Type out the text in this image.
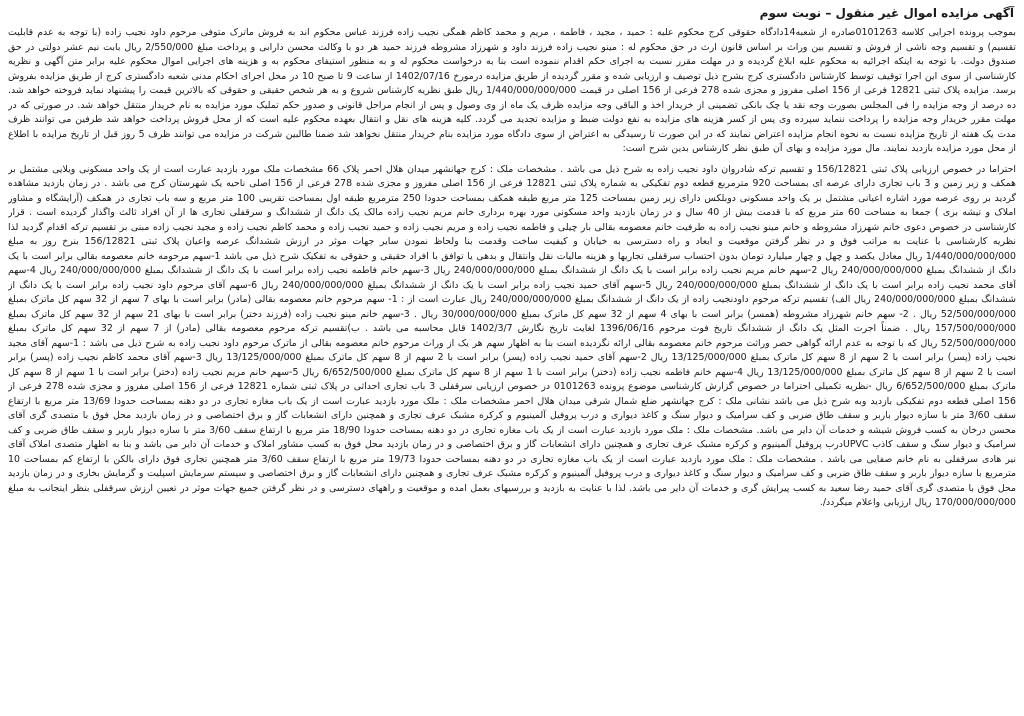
آگهی مزایده اموال غیر منقول – نوبت سوم

بموجب پرونده اجرایی کلاسه 0101263صادره از شعبه14دادگاه حقوقی کرج محکوم علیه : حمید ، مجید ، فاطمه ، مریم و محمد کاظم همگی نجیب زاده فرزند عباس محکوم اند به فروش ماترک متوفی مرحوم داود نجیب زاده (با توجه به عدم قابلیت تقسیم) و تقسیم وجه ناشی از فروش و تقسیم بین وراث بر اساس قانون ارث در حق محکوم له : مینو نجیب زاده فرزند داود و شهرزاد مشروطه فرزند حمید هر دو با وکالت محسن دارابی و پرداخت مبلغ 2/550/000 ریال بابت نیم عشر دولتی در حق صندوق دولت. با توجه به اینکه اجرائیه به محکوم علیه ابلاغ گردیده و در مهلت مقرر نسبت به اجرای حکم اقدام ننموده است بنا به درخواست محکوم له و به منظور استیفای محکوم به و هزینه های اجرایی اموال محکوم علیه برابر متن آگهی و نظریه کارشناسی از سوی این اجرا توقیف توسط کارشناس دادگستری کرج بشرح ذیل توصیف و ارزیابی شده و مقرر گردیده از طریق مزایده درمورخ 1402/07/16 از ساعت 9 تا صبح 10 در محل اجرای احکام مدنی شعبه دادگستری کرج از طریق مزایده بفروش برسد. مزایده پلاک ثبتی 12821 فرعی از 156 اصلی مفروز و مجزی شده 278 فرعی از 156 اصلی در قیمت 1/440/000/000/000 ریال طبق نظریه کارشناس شروع و به هر شخص حقیقی و حقوقی که بالاترین قیمت را پیشنهاد نماید فروخته خواهد شد. ده درصد از وجه مزایده را فی المجلس بصورت وجه نقد یا چک بانکی تضمینی از خریدار اخذ و الباقی وجه مزایده ظرف یک ماه از وی وصول و پس از انجام مراحل قانونی و صدور حکم تملیک مورد مزایده به نام خریدار منتقل خواهد شد. در صورتی که در مهلت مقرر خریدار وجه مزایده را پرداخت ننماید سپرده وی پس از کسر هزینه های مزایده به نفع دولت ضبط و مزایده تجدید می گردد. کلیه هزینه های نقل و انتقال بعهده محکوم علیه است که از محل فروش پرداخت خواهد شد طرفین می توانند ظرف مدت یک هفته از تاریخ مزایده نسبت به نحوه انجام مزایده اعتراض نمایند که در این صورت تا رسیدگی به اعتراض از سوی دادگاه مورد مزایده بنام خریدار منتقل نخواهد شد ضمنا طالبین شرکت در مزایده می توانند ظرف 5 روز قبل از تاریخ مزایده با اطلاع از محل مورد مزایده بازدید نمایند. مال مورد مزایده و بهای آن طبق نظر کارشناس بدین شرح است:

احتراما در خصوص ارزیابی پلاک ثبتی 156/12821 و تقسیم ترکه شادروان داود نجیب زاده به شرح ذیل می باشد . مشخصات ملک : کرج جهانشهر میدان هلال احمر پلاک 66 مشخصات ملک مورد بازدید عبارت است از یک واحد مسکونی ویلایی مشتمل بر همکف و زیر زمین و 3 باب تجاری دارای عرصه ای بمساحت 920 مترمربع قطعه دوم تفکیکی به شماره پلاک ثبتی 12821 فرعی از 156 اصلی مفروز و مجزی شده 278 فرعی از 156 اصلی ناحیه یک شهرستان کرج می باشد . در زمان بازدید مشاهده گردید بر روی عرصه مورد اشاره اعیانی مشتمل بر یک واحد مسکونی دوبلکس دارای زیر زمین بمساحت 125 متر مربع طبقه همکف بمساحت حدودا 250 مترمربع طبقه اول بمساحت تقریبی 100 متر مربع و سه باب تجاری در همکف (آرایشگاه و مشاور املاک و تیشه بری ) جمعا به مساحت 60 متر مربع که با قدمت بیش از 40 سال و در زمان بازدید واحد مسکونی مورد بهره برداری خانم مریم نجیب زاده مالک یک دانگ از ششدانگ و سرقفلی تجاری ها از آن افراد ثالث واگذار گردیده است . قرار کارشناسی در خصوص دعوی خانم شهرزاد مشروطه و خانم مینو نجیب زاده به طرفیت خانم معصومه بقالی بار چیلی و فاطمه نجیب زاده و مریم نجیب زاده و حمید نجیب زاده و محمد کاظم نجیب زاده و مجید نجیب زاده مبنی بر تقسیم ترکه اقدام گردید لذا نظریه کارشناسی با عنایت به مراتب فوق و در نظر گرفتن موقعیت و ابعاد و راه دسترسی به خیابان و کیفیت ساخت وقدمت بنا ولحاظ نمودن سایر جهات موثر در ارزش ششدانگ عرصه واعیان پلاک ثبتی 156/12821 بنرخ روز به مبلغ 1/440/000/000/000 ریال معادل یکصد و چهل و چهار میلیارد تومان بدون احتساب سرقفلی تجاریها و هزینه مالیات نقل وانتقال و بدهی یا توافق با افراد حقیقی و حقوقی به تفکیک شرح ذیل می باشد 1-سهم مرحومه خانم معصومه بقالی برابر است با یک دانگ از ششدانگ بمبلغ 240/000/000/000 ریال 2-سهم خانم مریم نجیب زاده برابر است با یک دانگ از ششدانگ بمبلغ 240/000/000/000 ریال 3-سهم خانم فاطمه نجیب زاده برابر است با یک دانگ از ششدانگ بمبلغ 240/000/000/000 ریال 4-سهم آقای محمد نجیب زاده برابر است با یک دانگ از ششدانگ بمبلغ 240/000/000/000 ریال 5-سهم آقای حمید نجیب زاده برابر است با یک دانگ از ششدانگ بمبلغ 240/000/000/000 ریال 6-سهم آقای مرحوم داود نجیب زاده برابر است با یک دانگ از ششدانگ بمبلغ 240/000/000/000 ریال الف) تقسیم ترکه مرحوم داودنجیب زاده از یک دانگ از ششدانگ بمبلغ 240/000/000/000 ریال عبارت است از : 1- سهم مرحوم خانم معصومه بقالی (مادر) برابر است با بهای 7 سهم از 32 سهم کل ماترک بمبلغ 52/500/000/000 ریال . 2- سهم خانم شهرزاد مشروطه (همسر) برابر است با بهای 4 سهم از 32 سهم کل ماترک بمبلغ 30/000/000/000 ریال . 3-سهم خانم مینو نجیب زاده (فرزند دختر) برابر است با بهای 21 سهم از 32 سهم کل ماترک بمبلغ 157/500/000/000 ریال . ضمناً اجرت المثل یک دانگ از ششدانگ تاریخ فوت مرحوم 1396/06/16 لغایت تاریخ نگارش 1402/3/7 قابل محاسبه می باشد . ب)تقسیم ترکه مرحوم معصومه بقالی (مادر) از 7 سهم از 32 سهم کل ماترک بمبلغ 52/500/000/000 ریال که با توجه به عدم ارائه گواهی حصر وراثت مرحوم خانم معصومه بقالی ارائه نگردیده است بنا به اظهار سهم هر یک از وراث مرحوم خانم معصومه بقالی از ماترک مرحوم داود نجیب زاده به شرح ذیل می باشد : 1-سهم آقای مجید نجیب زاده (پسر) برابر است با 2 سهم از 8 سهم کل ماترک بمبلغ 13/125/000/000 ریال 2-سهم آقای حمید نجیب زاده (پسر) برابر است با 2 سهم از 8 سهم کل ماترک بمبلغ 13/125/000/000 ریال 3-سهم آقای محمد کاظم نجیب زاده (پسر) برابر است با 2 سهم از 8 سهم کل ماترک بمبلغ 13/125/000/000 ریال 4-سهم خانم فاطمه نجیب زاده (دختر) برابر است با 1 سهم از 8 سهم کل ماترک بمبلغ 6/652/500/000 ریال 5-سهم خانم مریم نجیب زاده (دختر) برابر است با 1 سهم از 8 سهم کل ماترک بمبلغ 6/652/500/000 ریال -نظریه تکمیلی احتراما در خصوص گزارش کارشناسی موضوع پرونده 0101263 در خصوص ارزیابی سرقفلی 3 باب تجاری احداثی در پلاک ثبتی شماره 12821 فرعی از 156 اصلی مفروز و مجزی شده 278 فرعی از 156 اصلی قطعه دوم تفکیکی بازدید وبه شرح ذیل می باشد نشانی ملک : کرج جهانشهر ضلع شمال شرقی میدان هلال احمر مشخصات ملک : ملک مورد بازدید عبارت است از یک باب مغازه تجاری در دو دهنه بمساحت حدودا 13/69 متر مربع با ارتفاع سقف 3/60 متر با سازه دیوار باربر و سقف طاق ضربی و کف سرامیک و دیوار سنگ و کاغذ دیواری و درب پروفیل آلمینیوم و کرکره مشبک عرف تجاری و همچنین دارای انشعابات گاز و برق اختصاصی و در زمان بازدید محل فوق با متصدی گری آقای محسن درخان به کسب فروش شیشه و خدمات آن دایر می باشد. مشخصات ملک : ملک مورد بازدید عبارت است از یک باب مغازه تجاری در دو دهنه بمساحت حدودا 18/90 متر مربع با ارتفاع سقف 3/60 متر با سازه دیوار باربر و سقف طاق ضربی و کف سرامیک و دیوار سنگ و سقف کاذب UPVCدرب پروفیل آلمینیوم و کرکره مشبک عرف تجاری و همچنین دارای انشعابات گاز و برق اختصاصی و در زمان بازدید محل فوق به کسب مشاور املاک و خدمات آن دایر می باشد و بنا به اظهار متصدی املاک آقای نیر هادی سرقفلی به نام خانم صفایی می باشد . مشخصات ملک : ملک مورد بازدید عبارت است از یک باب مغازه تجاری در دو دهنه بمساحت حدودا 19/73 متر مربع با ارتفاع سقف 3/60 متر همچنین تجاری فوق دارای بالکن با ارتفاع کم بمساحت 10 مترمربع با سازه دیوار باربر و سقف طاق ضربی و کف سرامیک و دیوار سنگ و کاغذ دیواری و درب پروفیل آلمینیوم و کرکره مشبک عرف تجاری و همچنین دارای انشعابات گاز و برق اختصاصی و سیستم سرمایش اسپلیت و گرمایش بخاری و در زمان بازدید محل فوق با متصدی گری آقای حمید رضا سعید به کسب پیرایش گری و خدمات آن دایر می باشد. لذا با عنایت به بازدید و بررسیهای بعمل امده و موقعیت و راههای دسترسی و در نظر گرفتن جمیع جهات موثر در تعیین ارزش سرقفلی بنظر اینجانب به مبلغ 170/000/000/000 ریال ارزیابی واعلام میگردد/.
